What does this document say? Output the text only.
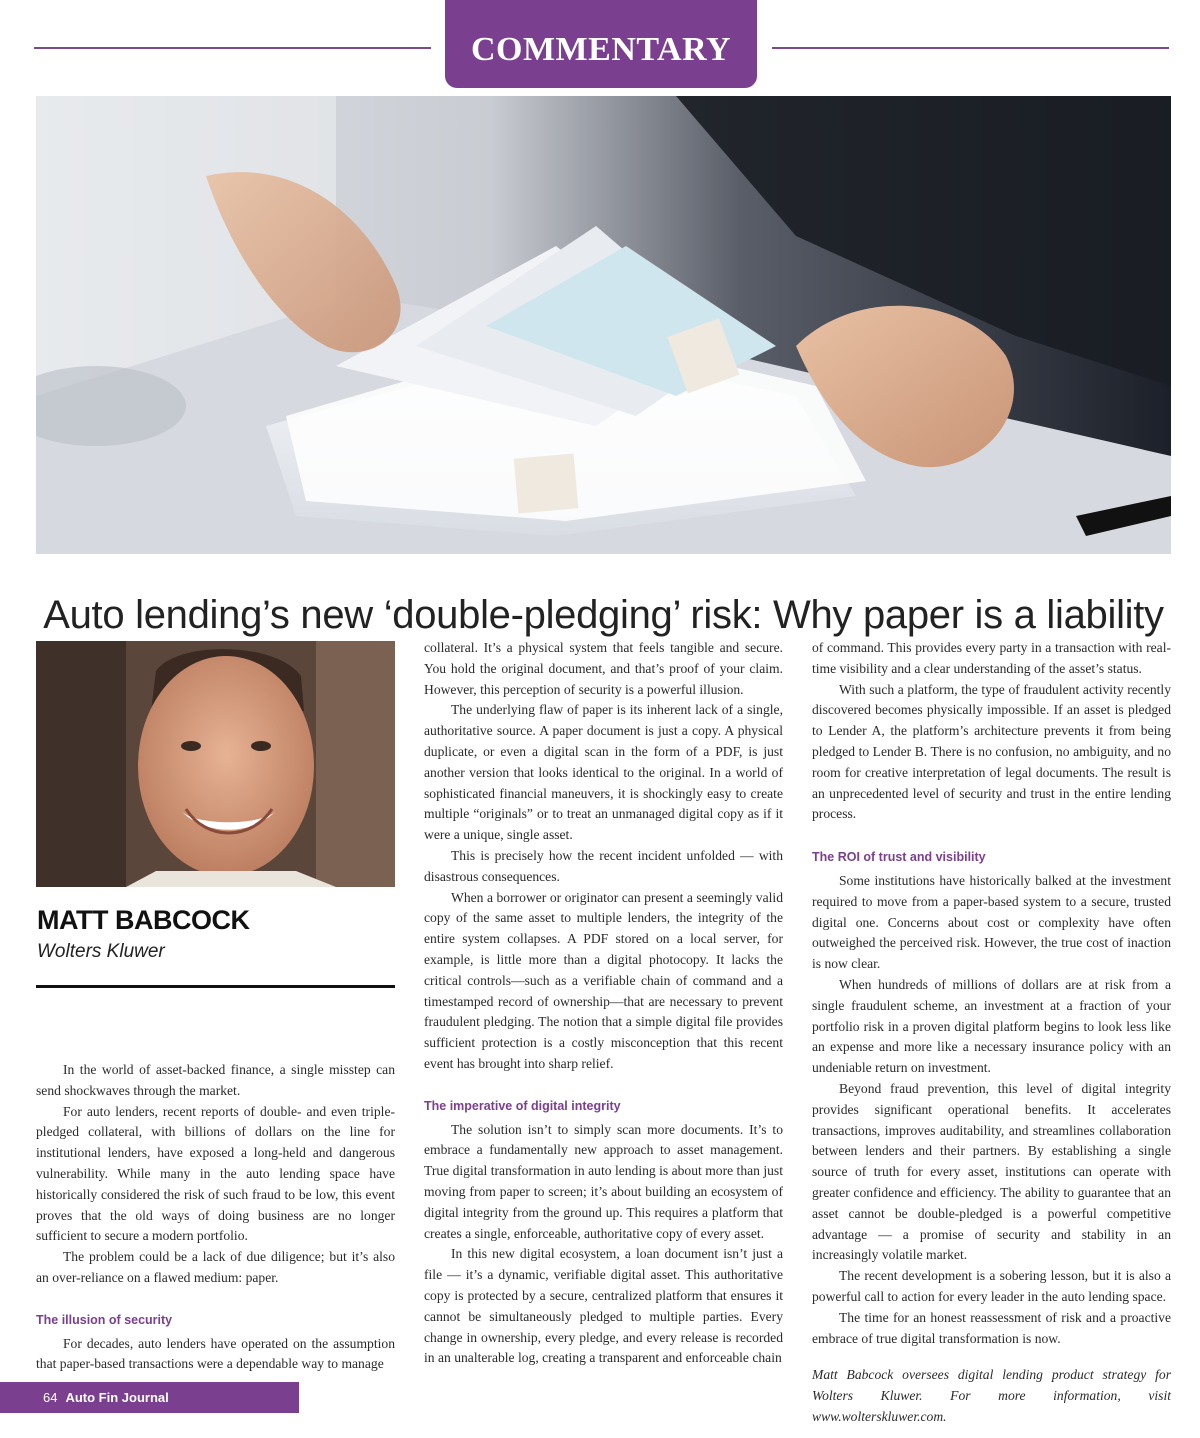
COMMENTARY
Auto lending’s new ‘double-pledging’ risk: Why paper is a liability
MATT BABCOCK
Wolters Kluwer

In the world of asset-backed finance, a single misstep can send shockwaves through the market.

For auto lenders, recent reports of double- and even triple-pledged collateral, with billions of dollars on the line for institutional lenders, have exposed a long-held and dangerous vulnerability. While many in the auto lending space have historically considered the risk of such fraud to be low, this event proves that the old ways of doing business are no longer sufficient to secure a modern portfolio.

The problem could be a lack of due diligence; but it’s also an over-reliance on a flawed medium: paper.

The illusion of security

For decades, auto lenders have operated on the assumption that paper-based transactions were a dependable way to manage

collateral. It’s a physical system that feels tangible and secure. You hold the original document, and that’s proof of your claim. However, this perception of security is a powerful illusion.

The underlying flaw of paper is its inherent lack of a single, authoritative source. A paper document is just a copy. A physical duplicate, or even a digital scan in the form of a PDF, is just another version that looks identical to the original. In a world of sophisticated financial maneuvers, it is shockingly easy to create multiple “originals” or to treat an unmanaged digital copy as if it were a unique, single asset.

This is precisely how the recent incident unfolded — with disastrous consequences.

When a borrower or originator can present a seemingly valid copy of the same asset to multiple lenders, the integrity of the entire system collapses. A PDF stored on a local server, for example, is little more than a digital photocopy. It lacks the critical controls—such as a verifiable chain of command and a timestamped record of ownership—that are necessary to prevent fraudulent pledging. The notion that a simple digital file provides sufficient protection is a costly misconception that this recent event has brought into sharp relief.

The imperative of digital integrity

The solution isn’t to simply scan more documents. It’s to embrace a fundamentally new approach to asset management. True digital transformation in auto lending is about more than just moving from paper to screen; it’s about building an ecosystem of digital integrity from the ground up. This requires a platform that creates a single, enforceable, authoritative copy of every asset.

In this new digital ecosystem, a loan document isn’t just a file — it’s a dynamic, verifiable digital asset. This authoritative copy is protected by a secure, centralized platform that ensures it cannot be simultaneously pledged to multiple parties. Every change in ownership, every pledge, and every release is recorded in an unalterable log, creating a transparent and enforceable chain

of command. This provides every party in a transaction with real-time visibility and a clear understanding of the asset’s status.

With such a platform, the type of fraudulent activity recently discovered becomes physically impossible. If an asset is pledged to Lender A, the platform’s architecture prevents it from being pledged to Lender B. There is no confusion, no ambiguity, and no room for creative interpretation of legal documents. The result is an unprecedented level of security and trust in the entire lending process.

The ROI of trust and visibility

Some institutions have historically balked at the investment required to move from a paper-based system to a secure, trusted digital one. Concerns about cost or complexity have often outweighed the perceived risk. However, the true cost of inaction is now clear.

When hundreds of millions of dollars are at risk from a single fraudulent scheme, an investment at a fraction of your portfolio risk in a proven digital platform begins to look less like an expense and more like a necessary insurance policy with an undeniable return on investment.

Beyond fraud prevention, this level of digital integrity provides significant operational benefits. It accelerates transactions, improves auditability, and streamlines collaboration between lenders and their partners. By establishing a single source of truth for every asset, institutions can operate with greater confidence and efficiency. The ability to guarantee that an asset cannot be double-pledged is a powerful competitive advantage — a promise of security and stability in an increasingly volatile market.

The recent development is a sobering lesson, but it is also a powerful call to action for every leader in the auto lending space.

The time for an honest reassessment of risk and a proactive embrace of true digital transformation is now.

Matt Babcock oversees digital lending product strategy for Wolters Kluwer. For more information, visit www.wolterskluwer.com.

64 Auto Fin Journal
